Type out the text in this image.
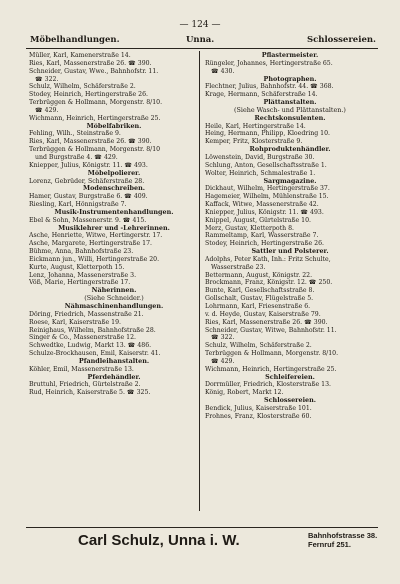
— 124 —
Möbelhandlungen.	Unna.	Schlossereien.
Müller, Karl, Kamenerstraße 14.
Ries, Karl, Massenerstraße 26. ☎ 390.
Schneider, Gustav, Wwe., Bahnhofstr. 11.
☎ 322.
Schulz, Wilhelm, Schäferstraße 2.
Stodey, Heinrich, Hertingerstraße 26.
Terbrüggen & Hollmann, Morgenstr. 8/10.
☎ 429.
Wichmann, Heinrich, Hertingerstraße 25.
Möbelfabriken.
Fehling, Wilh., Steinstraße 9.
Ries, Karl, Massenerstraße 26. ☎ 390.
Terbrüggen & Hollmann, Morgenstr. 8/10
und Burgstraße 4. ☎ 429.
Kniepper, Julius, Königstr. 11. ☎ 493.
Möbelpolierer.
Lorenz, Gebrüder, Schäferstraße 28.
Modenschreiben.
Hamer, Gustav, Burgstraße 6. ☎ 409.
Riesling, Karl, Hönnigstraße 7.
Musik-Instrumentenhandlungen.
Ebel & Sohn, Massenerstr. 9. ☎ 415.
Musiklehrer und -Lehrerinnen.
Asche, Henriette, Witwe, Hertingerstr. 17.
Asche, Margarete, Hertingerstraße 17.
Bühme, Anna, Bahnhofstraße 23.
Eickmann jun., Willi, Hertingerstraße 20.
Kurte, August, Kletterpoth 15.
Lenz, Johanna, Massenerstraße 3.
Vöß, Marie, Hertingerstraße 17.
Näherinnen.
(Siehe Schneider.)
Nähmaschinenhandlungen.
Döring, Friedrich, Massenstraße 21.
Roese, Karl, Kaiserstraße 19.
Reinighaus, Wilhelm, Bahnhofstraße 28.
Singer & Co., Massenerstraße 12.
Schwedtke, Ludwig, Markt 13. ☎ 486.
Schulze-Brockhausen, Emil, Kaiserstr. 41.
Pfandleihanstalten.
Köhler, Emil, Massenerstraße 13.
Pferdehändler.
Bruttuhl, Friedrich, Gürtelstraße 2.
Rud, Heinrich, Kaiserstraße 5. ☎ 325.
Pflastermeister.
Rüngeler, Johannes, Hertingerstraße 65.
☎ 430.
Photographen.
Flechtner, Julius, Bahnhofstr. 44. ☎ 368.
Krage, Hermann, Schäferstraße 14.
Plättanstalten.
(Siehe Wasch- und Plättanstalten.)
Rechtskonsulenten.
Heile, Karl, Hertingerstraße 14.
Heing, Hermann, Philipp, Kloedring 10.
Kemper, Fritz, Klosterstraße 9.
Rohproduktenhändler.
Löwenstein, David, Burgstraße 30.
Schlung, Anton, Gesellschaftsstraße 1.
Wolter, Heinrich, Schmalestraße 1.
Sargmagazine.
Dickhaut, Wilhelm, Hertingerstraße 37.
Hagemeier, Wilhelm, Mühlenstraße 15.
Kaffack, Witwe, Massenerstraße 42.
Kniepper, Julius, Königstr. 11. ☎ 493.
Knippel, August, Gürtelstraße 10.
Merz, Gustav, Kletterpoth 8.
Rammeltamp, Karl, Wasserstraße 7.
Stodey, Heinrich, Hertingerstraße 26.
Sattler und Polsterer.
Adolphs, Peter Kath, Inh.: Fritz Schulte,
Wasserstraße 23.
Bettermann, August, Königstr. 22.
Brockmann, Franz, Königstr. 12. ☎ 250.
Bunte, Karl, Gesellschaftsstraße 8.
Gollschalt, Gustav, Flügelstraße 5.
Lohrmann, Karl, Friesenstraße 6.
v. d. Heyde, Gustav, Kaiserstraße 79.
Ries, Karl, Massenerstraße 26. ☎ 390.
Schneider, Gustav, Witwe, Bahnhofstr. 11.
☎ 322.
Schulz, Wilhelm, Schäferstraße 2.
Terbrüggen & Hollmann, Morgenstr. 8/10.
☎ 429.
Wichmann, Heinrich, Hertingerstraße 25.
Schleifereien.
Dorrmüller, Friedrich, Klosterstraße 13.
König, Robert, Markt 12.
Schlossereien.
Bendick, Julius, Kaiserstraße 101.
Frohnes, Franz, Klosterstraße 60.
Carl Schulz, Unna i. W.	Bahnhofstrasse 38.
Fernruf 251.
